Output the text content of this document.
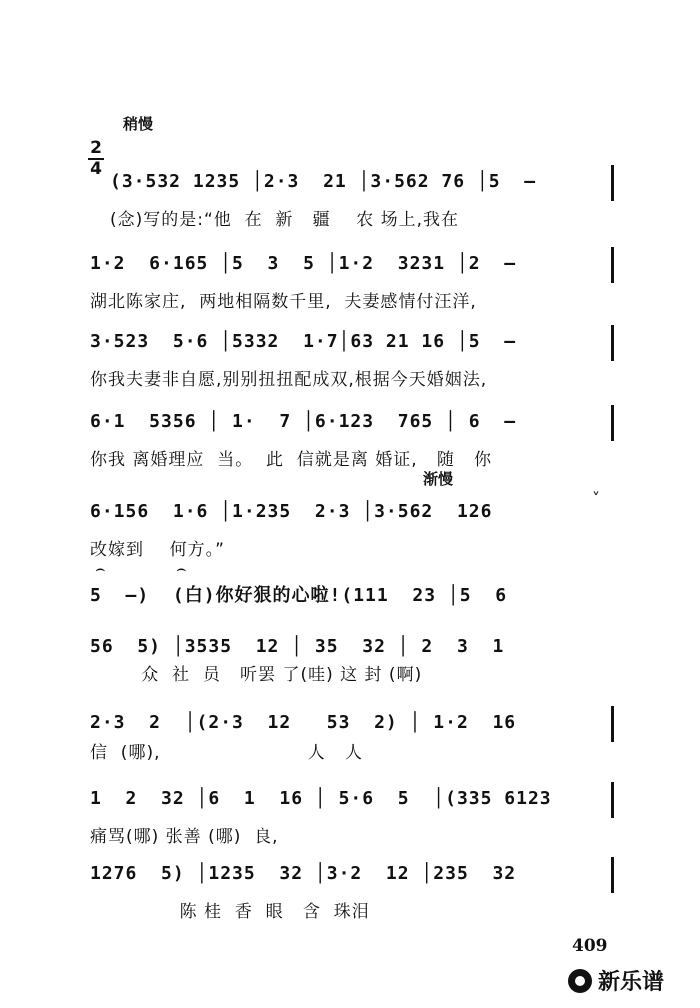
稍慢
2
4
(3·532 1235 │2·3  21 │3·562 76 │5  —
(念)写的是:“他  在  新   疆    农 场上,我在
1·2  6·165 │5  3  5 │1·2  3231 │2  —
湖北陈家庄,  两地相隔数千里,  夫妻感情付汪洋,
3·523  5·6 │5332  1·7│63 21 16 │5  —
你我夫妻非自愿,别别扭扭配成双,根据今天婚姻法,
6·1  5356 │ 1·  7 │6·123  765 │ 6  —
你我 离婚理应  当。  此  信就是离 婚证,   随   你
渐慢
6·156  1·6 │1·235  2·3 │3·562  126
改嫁到    何方。”
˅
5  —)  (白)你好狠的心啦!(111  23 │5  6
⌢	⌢
56  5) │3535  12 │ 35  32 │ 2  3  1
众  社  员   听罢 了(哇) 这 封 (啊)
2·3  2  │(2·3  12   53  2) │ 1·2  16
信  (哪),                       人   人
1  2  32 │6  1  16 │ 5·6  5  │(335 6123
痛骂(哪) 张善 (哪)  良,
1276  5) │1235  32 │3·2  12 │235  32
陈 桂  香  眼   含  珠泪
409
新乐谱
